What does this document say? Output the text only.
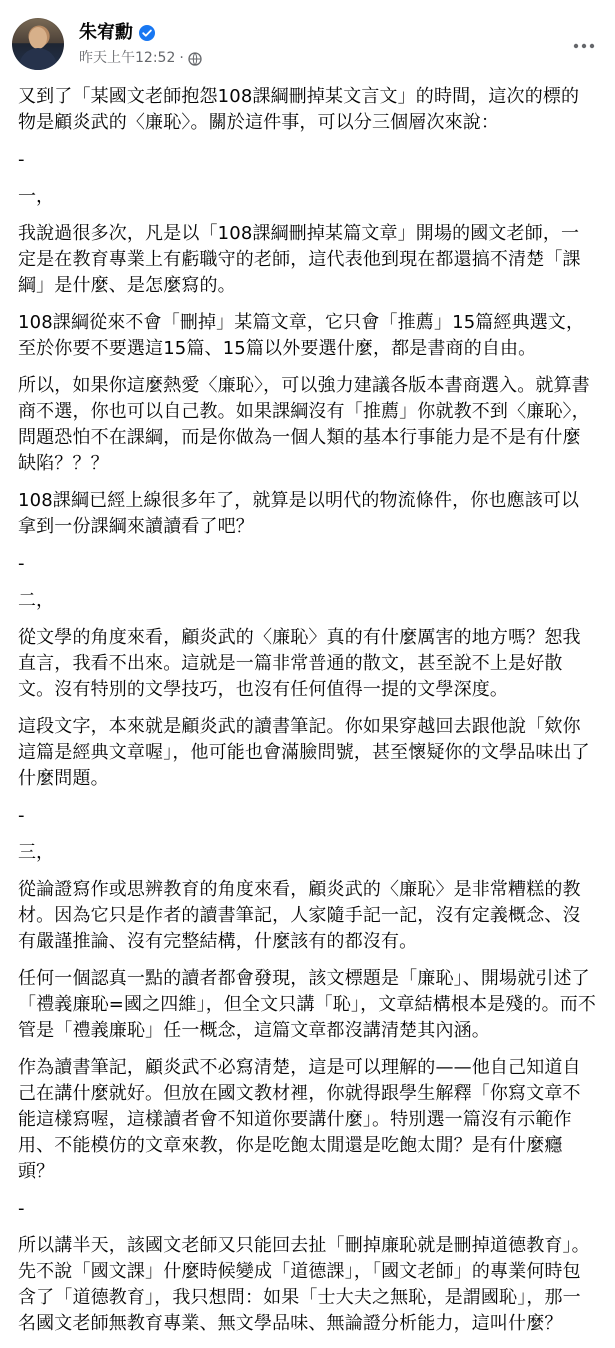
朱宥勳
昨天上午12:52 ·

又到了「某國文老師抱怨108課綱刪掉某文言文」的時間，這次的標的物是顧炎武的〈廉恥〉。關於這件事，可以分三個層次來說：

-
一，

我說過很多次，凡是以「108課綱刪掉某篇文章」開場的國文老師，一定是在教育專業上有虧職守的老師，這代表他到現在都還搞不清楚「課綱」是什麼、是怎麼寫的。

108課綱從來不會「刪掉」某篇文章，它只會「推薦」15篇經典選文，至於你要不要選這15篇、15篇以外要選什麼，都是書商的自由。

所以，如果你這麼熱愛〈廉恥〉，可以強力建議各版本書商選入。就算書商不選，你也可以自己教。如果課綱沒有「推薦」你就教不到〈廉恥〉，問題恐怕不在課綱，而是你做為一個人類的基本行事能力是不是有什麼缺陷？？？

108課綱已經上線很多年了，就算是以明代的物流條件，你也應該可以拿到一份課綱來讀讀看了吧？

-
二，

從文學的角度來看，顧炎武的〈廉恥〉真的有什麼厲害的地方嗎？恕我直言，我看不出來。這就是一篇非常普通的散文，甚至說不上是好散文。沒有特別的文學技巧，也沒有任何值得一提的文學深度。

這段文字，本來就是顧炎武的讀書筆記。你如果穿越回去跟他說「欸你這篇是經典文章喔」，他可能也會滿臉問號，甚至懷疑你的文學品味出了什麼問題。

-
三，

從論證寫作或思辨教育的角度來看，顧炎武的〈廉恥〉是非常糟糕的教材。因為它只是作者的讀書筆記，人家隨手記一記，沒有定義概念、沒有嚴謹推論、沒有完整結構，什麼該有的都沒有。

任何一個認真一點的讀者都會發現，該文標題是「廉恥」、開場就引述了「禮義廉恥=國之四維」，但全文只講「恥」，文章結構根本是殘的。而不管是「禮義廉恥」任一概念，這篇文章都沒講清楚其內涵。

作為讀書筆記，顧炎武不必寫清楚，這是可以理解的——他自己知道自己在講什麼就好。但放在國文教材裡，你就得跟學生解釋「你寫文章不能這樣寫喔，這樣讀者會不知道你要講什麼」。特別選一篇沒有示範作用、不能模仿的文章來教，你是吃飽太閒還是吃飽太閒？是有什麼癮頭？

-

所以講半天，該國文老師又只能回去扯「刪掉廉恥就是刪掉道德教育」。先不說「國文課」什麼時候變成「道德課」，「國文老師」的專業何時包含了「道德教育」，我只想問：如果「士大夫之無恥，是謂國恥」，那一名國文老師無教育專業、無文學品味、無論證分析能力，這叫什麼？
